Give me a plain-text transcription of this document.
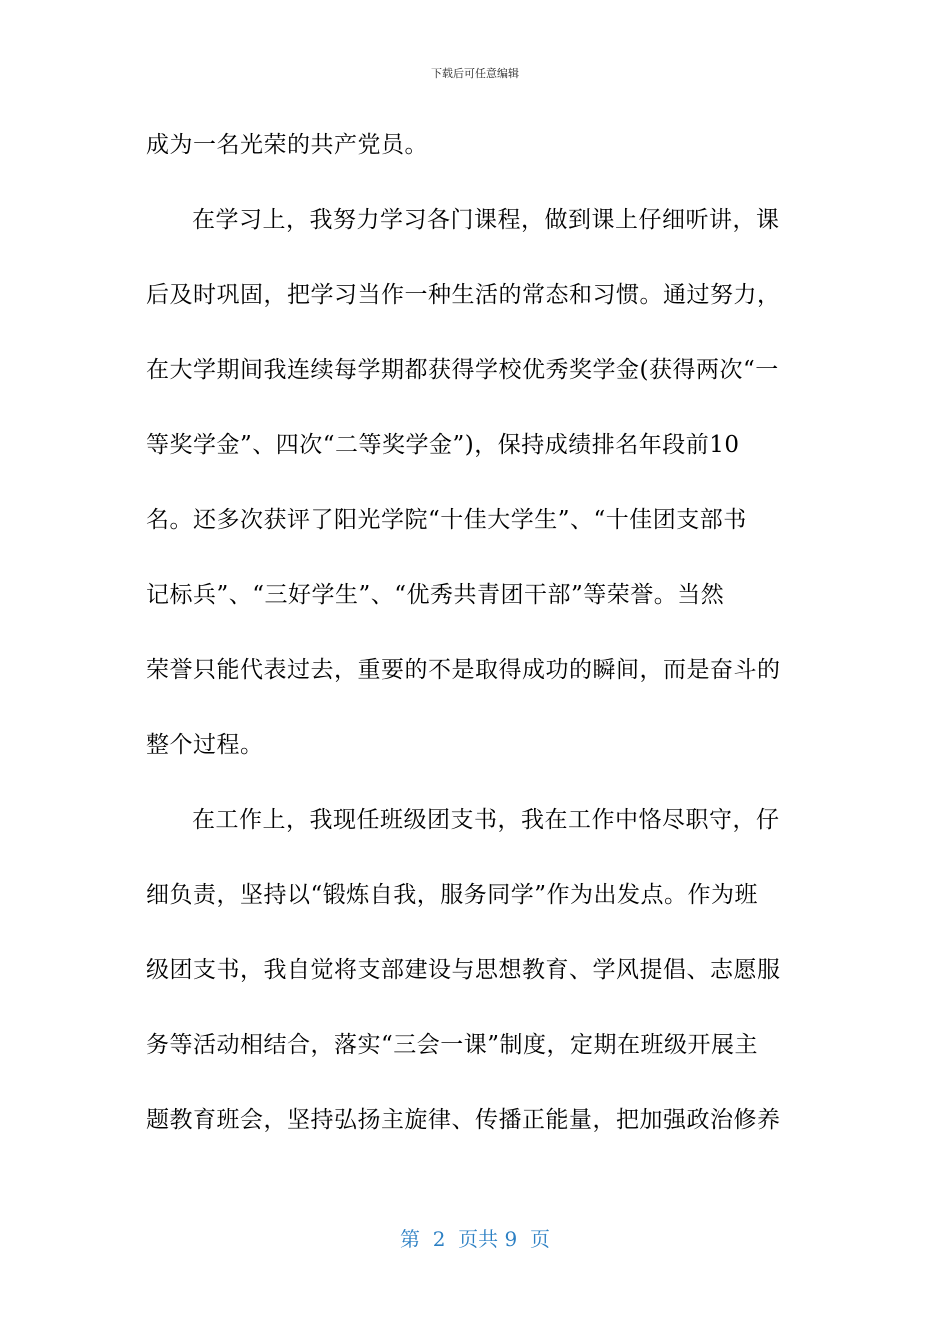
下载后可任意编辑
成为一名光荣的共产党员。
在学习上，我努力学习各门课程，做到课上仔细听讲，课
后及时巩固，把学习当作一种生活的常态和习惯。通过努力，
在大学期间我连续每学期都获得学校优秀奖学金(获得两次“一
等奖学金”、四次“二等奖学金”)，保持成绩排名年段前10
名。还多次获评了阳光学院“十佳大学生”、“十佳团支部书
记标兵”、“三好学生”、“优秀共青团干部”等荣誉。当然
荣誉只能代表过去，重要的不是取得成功的瞬间，而是奋斗的
整个过程。
在工作上，我现任班级团支书，我在工作中恪尽职守，仔
细负责，坚持以“锻炼自我，服务同学”作为出发点。作为班
级团支书，我自觉将支部建设与思想教育、学风提倡、志愿服
务等活动相结合，落实“三会一课”制度，定期在班级开展主
题教育班会，坚持弘扬主旋律、传播正能量，把加强政治修养
第  2  页共 9  页
